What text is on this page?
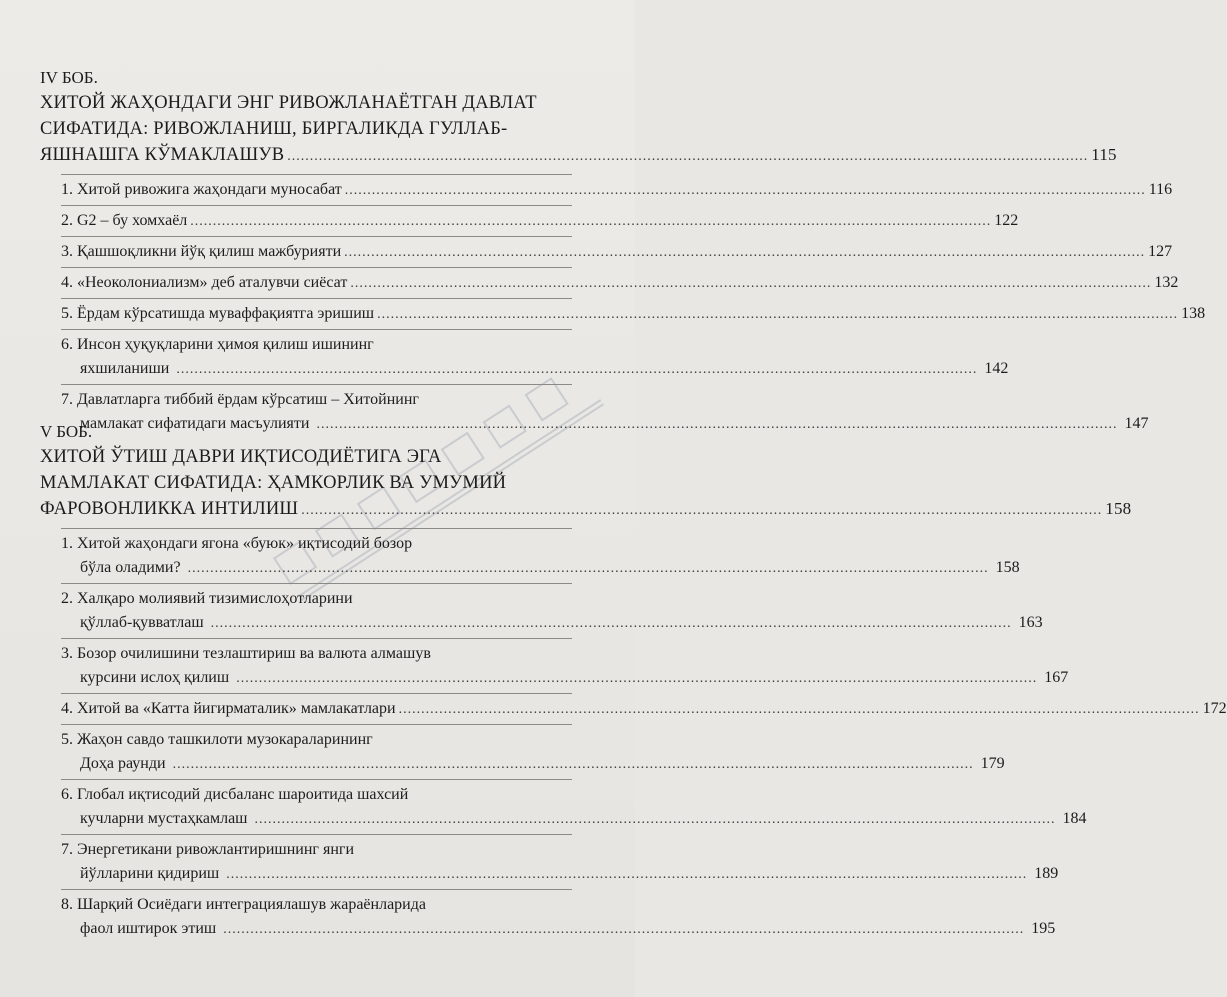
IV БОБ.
ХИТОЙ ЖАҲОНДАГИ ЭНГ РИВОЖЛАНАЁТГАН ДАВЛАТ
СИФАТИДА: РИВОЖЛАНИШ, БИРГАЛИКДА ГУЛЛАБ-
ЯШНАШГА КЎМАКЛАШУВ .....	115
1. Хитой ривожига жаҳондаги муносабат .....	116
2. G2 – бу хомхаёл .....	122
3. Қашшоқликни йўқ қилиш мажбурияти .....	127
4. «Неоколониализм» деб аталувчи сиёсат .....	132
5. Ёрдам кўрсатишда муваффақиятга эришиш .....	138
6. Инсон ҳуқуқларини ҳимоя қилиш ишининг
яхшиланиши .....	142
7. Давлатларга тиббий ёрдам кўрсатиш – Хитойнинг
мамлакат сифатидаги масъулияти .....	147
V БОБ.
ХИТОЙ ЎТИШ ДАВРИ ИҚТИСОДИЁТИГА ЭГА
МАМЛАКАТ СИФАТИДА: ҲАМКОРЛИК ВА УМУМИЙ
ФАРОВОНЛИККА ИНТИЛИШ .....	158
1. Хитой жаҳондаги ягона «буюк» иқтисодий бозор
бўла оладими? .....	158
2. Халқаро молиявий тизимислоҳотларини
қўллаб-қувватлаш .....	163
3. Бозор очилишини тезлаштириш ва валюта алмашув
курсини ислоҳ қилиш .....	167
4. Хитой ва «Катта йигирматалик» мамлакатлари .....	172
5. Жаҳон савдо ташкилоти музокараларининг
Доҳа раунди .....	179
6. Глобал иқтисодий дисбаланс шароитида шахсий
кучларни мустаҳкамлаш .....	184
7. Энергетикани ривожлантиришнинг янги
йўлларини қидириш .....	189
8. Шарқий Осиёдаги интеграциялашув жараёнларида
фаол иштирок этиш .....	195
